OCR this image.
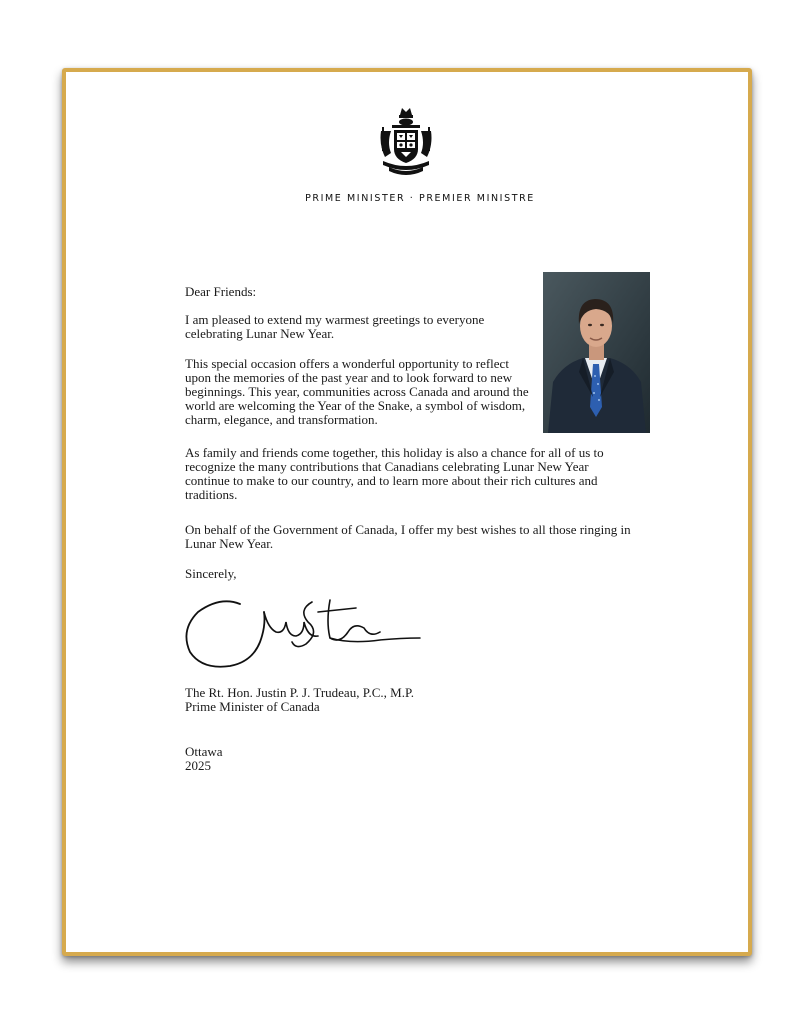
PRIME MINISTER · PREMIER MINISTRE
Dear Friends:

I am pleased to extend my warmest greetings to everyone celebrating Lunar New Year.

This special occasion offers a wonderful opportunity to reflect upon the memories of the past year and to look forward to new beginnings. This year, communities across Canada and around the world are welcoming the Year of the Snake, a symbol of wisdom, charm, elegance, and transformation.

As family and friends come together, this holiday is also a chance for all of us to recognize the many contributions that Canadians celebrating Lunar New Year continue to make to our country, and to learn more about their rich cultures and traditions.

On behalf of the Government of Canada, I offer my best wishes to all those ringing in Lunar New Year.

Sincerely,
The Rt. Hon. Justin P. J. Trudeau, P.C., M.P.
Prime Minister of Canada
Ottawa
2025
